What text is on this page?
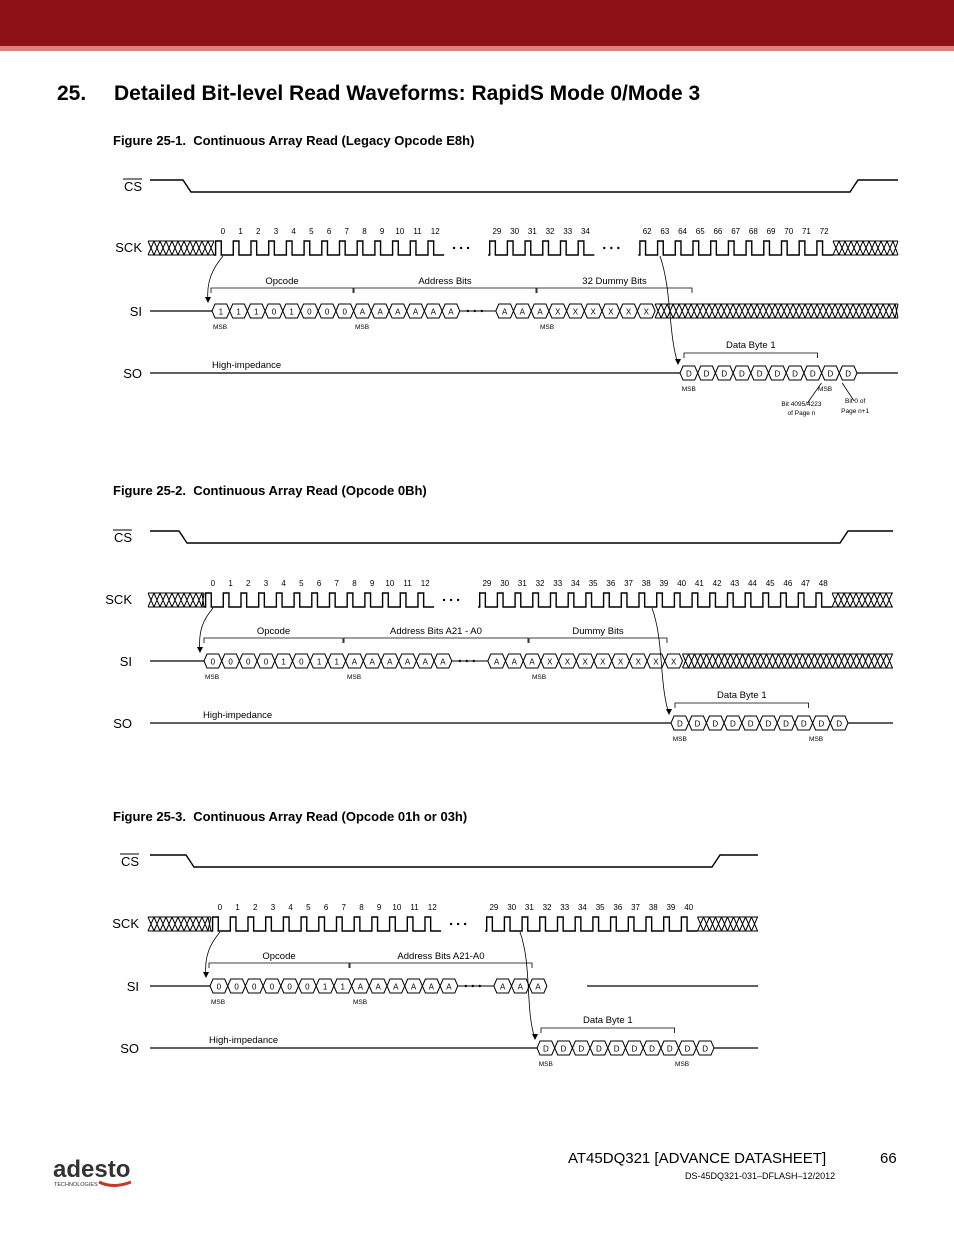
25. Detailed Bit-level Read Waveforms: RapidS Mode 0/Mode 3
Figure 25-1. Continuous Array Read (Legacy Opcode E8h)
CS
SCK
0 1 2 3 4 5 6 7 8 9 10 11 12	29 30 31 32 33 34	62 63 64 65 66 67 68 69 70 71 72
SI	1 1 1 0 1 0 0 0 A A A A A A	A A A X X X X X X
MSB	MSB	MSB
Opcode	Address Bits	32 Dummy Bits
SO
High-impedance
D D D D D D D D D D
MSB	MSB
Data Byte 1
Bit 4095/4223
of Page n
Bit 0 of
Page n+1
Figure 25-2. Continuous Array Read (Opcode 0Bh)
CS
SCK
0 1 2 3 4 5 6 7 8 9 10 11 12	29 30 31 32 33 34 35 36 37 38 39 40 41 42 43 44 45 46 47 48
SI	0 0 0 0 1 0 1 1 A A A A A A	A A A X X X X X X X X
MSB	MSB	MSB
Opcode	Address Bits A21 - A0	Dummy Bits
SO
High-impedance
D D D D D D D D D D
MSB	MSB
Data Byte 1
Figure 25-3. Continuous Array Read (Opcode 01h or 03h)
CS
SCK
0 1 2 3 4 5 6 7 8 9 10 11 12	29 30 31 32 33 34 35 36 37 38 39 40
SI	0 0 0 0 0 0 1 1 A A A A A A	A A A
MSB	MSB
Opcode	Address Bits A21-A0
SO
High-impedance
D D D D D D D D D D
MSB	MSB
Data Byte 1
adesto
TECHNOLOGIES
AT45DQ321 [ADVANCE DATASHEET]	66
DS-45DQ321-031–DFLASH–12/2012
